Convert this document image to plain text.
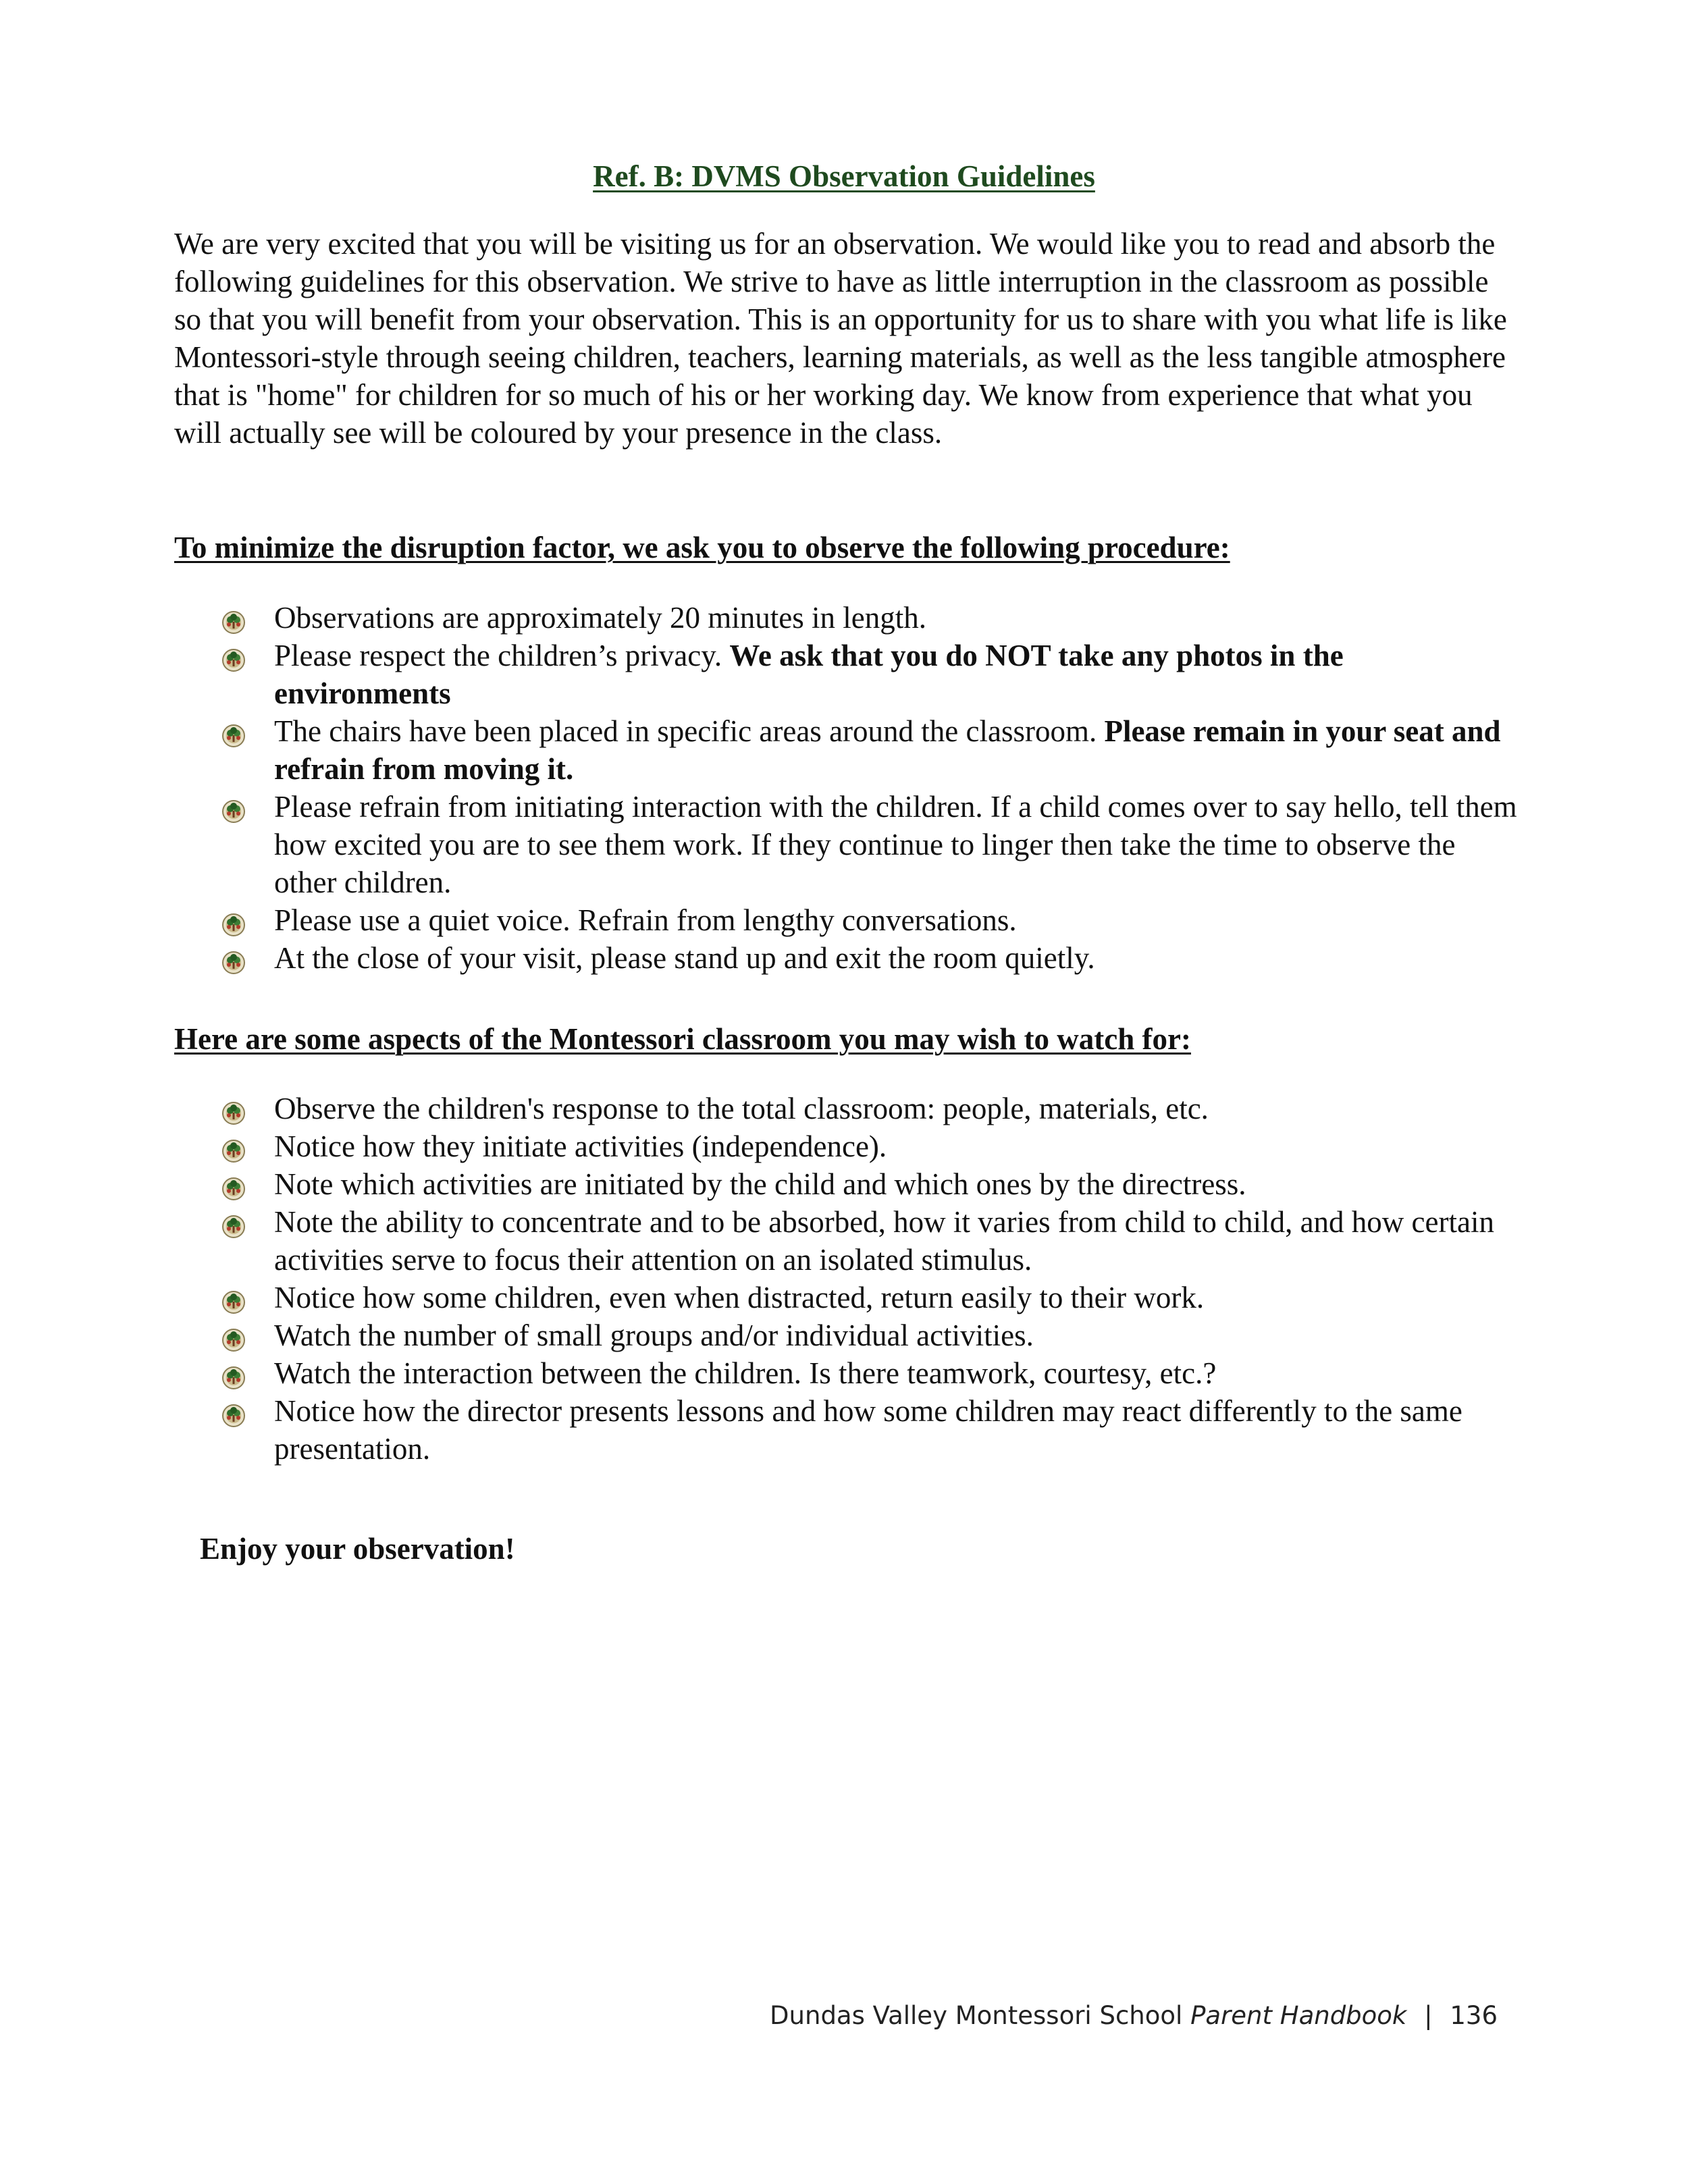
Ref. B: DVMS Observation Guidelines

We are very excited that you will be visiting us for an observation. We would like you to read and absorb the following guidelines for this observation. We strive to have as little interruption in the classroom as possible so that you will benefit from your observation. This is an opportunity for us to share with you what life is like Montessori-style through seeing children, teachers, learning materials, as well as the less tangible atmosphere that is "home" for children for so much of his or her working day. We know from experience that what you will actually see will be coloured by your presence in the class.

To minimize the disruption factor, we ask you to observe the following procedure:

Observations are approximately 20 minutes in length.
Please respect the children’s privacy. We ask that you do NOT take any photos in the environments
The chairs have been placed in specific areas around the classroom. Please remain in your seat and refrain from moving it.
Please refrain from initiating interaction with the children. If a child comes over to say hello, tell them how excited you are to see them work. If they continue to linger then take the time to observe the other children.
Please use a quiet voice. Refrain from lengthy conversations.
At the close of your visit, please stand up and exit the room quietly.

Here are some aspects of the Montessori classroom you may wish to watch for:

Observe the children's response to the total classroom: people, materials, etc.
Notice how they initiate activities (independence).
Note which activities are initiated by the child and which ones by the directress.
Note the ability to concentrate and to be absorbed, how it varies from child to child, and how certain activities serve to focus their attention on an isolated stimulus.
Notice how some children, even when distracted, return easily to their work.
Watch the number of small groups and/or individual activities.
Watch the interaction between the children. Is there teamwork, courtesy, etc.?
Notice how the director presents lessons and how some children may react differently to the same presentation.

Enjoy your observation!

Dundas Valley Montessori School Parent Handbook | 136
